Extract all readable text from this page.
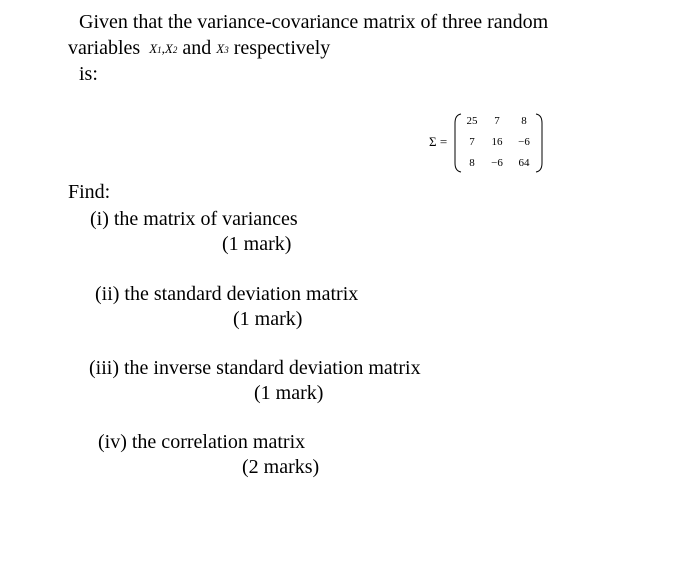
Given that the variance-covariance matrix of three random
variables X1,X2 and X3 respectively
is:
Σ =
25	7	8
7	16	−6
8	−6	64
Find:
(i) the matrix of variances
(1 mark)
(ii) the standard deviation matrix
(1 mark)
(iii) the inverse standard deviation matrix
(1 mark)
(iv) the correlation matrix
(2 marks)
